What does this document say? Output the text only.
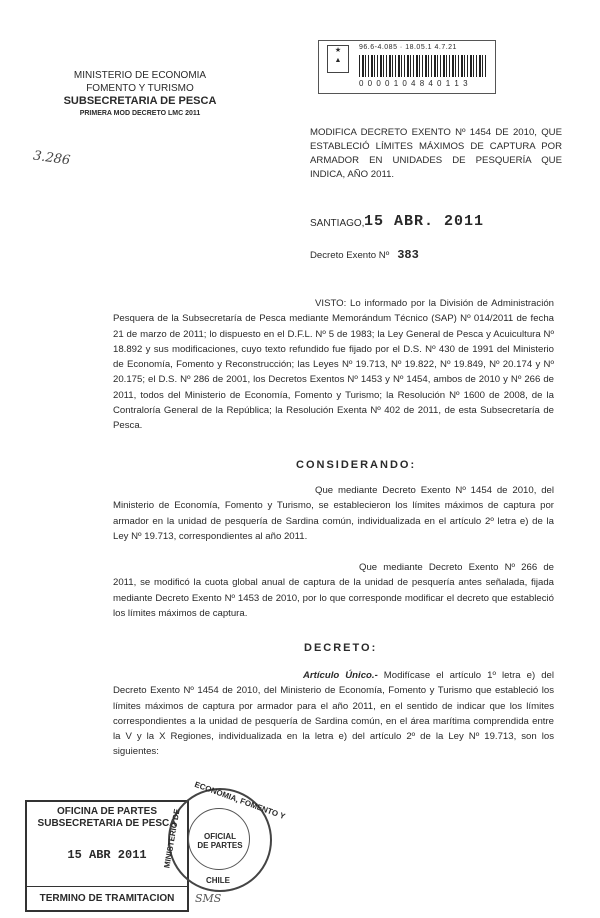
★
▲
96.6-4.085 · 18.05.1 4.7.21
0 0 0 0 1 0 4 8 4 0 1 1 3
MINISTERIO DE ECONOMIA
FOMENTO Y TURISMO
SUBSECRETARIA DE PESCA
PRIMERA MOD DECRETO LMC 2011
3.286
MODIFICA DECRETO EXENTO Nº 1454 DE 2010, QUE ESTABLECIÓ LÍMITES MÁXIMOS DE CAPTURA POR ARMADOR EN UNIDADES DE PESQUERÍA QUE INDICA, AÑO 2011.
SANTIAGO, 15 ABR. 2011
Decreto Exento Nº 383
VISTO: Lo informado por la División de Administración Pesquera de la Subsecretaría de Pesca mediante Memorándum Técnico (SAP) Nº 014/2011 de fecha 21 de marzo de 2011; lo dispuesto en el D.F.L. Nº 5 de 1983; la Ley General de Pesca y Acuicultura Nº 18.892 y sus modificaciones, cuyo texto refundido fue fijado por el D.S. Nº 430 de 1991 del Ministerio de Economía, Fomento y Reconstrucción; las Leyes Nº 19.713, Nº 19.822, Nº 19.849, Nº 20.174 y Nº 20.175; el D.S. Nº 286 de 2001, los Decretos Exentos Nº 1453 y Nº 1454, ambos de 2010 y Nº 266 de 2011, todos del Ministerio de Economía, Fomento y Turismo; la Resolución Nº 1600 de 2008, de la Contraloría General de la República; la Resolución Exenta Nº 402 de 2011, de esta Subsecretaría de Pesca.
CONSIDERANDO:
Que mediante Decreto Exento Nº 1454 de 2010, del Ministerio de Economía, Fomento y Turismo, se establecieron los límites máximos de captura por armador en la unidad de pesquería de Sardina común, individualizada en el artículo 2º letra e) de la Ley Nº 19.713, correspondientes al año 2011.
Que mediante Decreto Exento Nº 266 de 2011, se modificó la cuota global anual de captura de la unidad de pesquería antes señalada, fijada mediante Decreto Exento Nº 1453 de 2010, por lo que corresponde modificar el decreto que estableció los límites máximos de captura.
DECRETO:
Artículo Único.- Modifícase el artículo 1º letra e) del Decreto Exento Nº 1454 de 2010, del Ministerio de Economía, Fomento y Turismo que estableció los límites máximos de captura por armador para el año 2011, en el sentido de indicar que los límites correspondientes a la unidad de pesquería de Sardina común, en el área marítima comprendida entre la V y la X Regiones, individualizada en la letra e) del artículo 2º de la Ley Nº 19.713, son los siguientes:
OFICINA DE PARTES
SUBSECRETARIA DE PESCA
15 ABR 2011
TERMINO DE TRAMITACION
ECONOMIA, FOMENTO Y
MINISTERIO DE	OFICIAL
DE PARTES
CHILE
SMS
